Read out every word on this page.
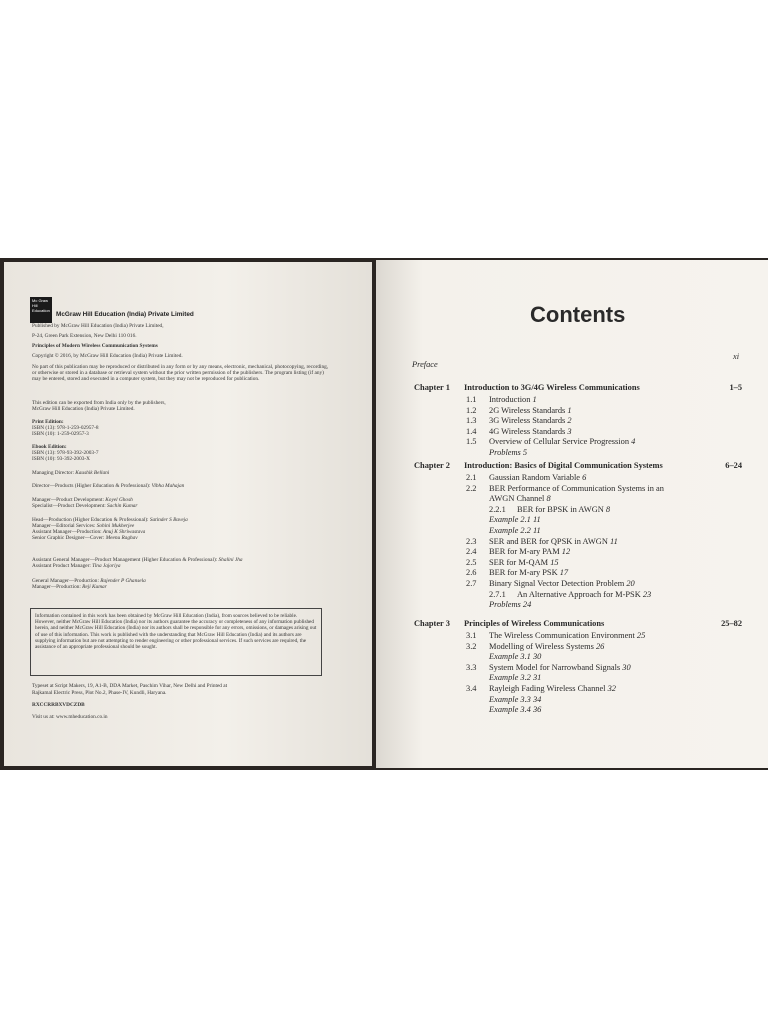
Mc Graw Hill Education
McGraw Hill Education (India) Private Limited
Published by McGraw Hill Education (India) Private Limited,
P-24, Green Park Extension, New Delhi 110 016.
Principles of Modern Wireless Communication Systems
Copyright © 2016, by McGraw Hill Education (India) Private Limited.
No part of this publication may be reproduced or distributed in any form or by any means, electronic, mechanical, photocopying, recording, or otherwise or stored in a database or retrieval system without the prior written permission of the publishers. The program listing (if any) may be entered, stored and executed in a computer system, but they may not be reproduced for publication.
This edition can be exported from India only by the publishers,
McGraw Hill Education (India) Private Limited.
Print Edition:
ISBN (13): 978-1-259-02957-8
ISBN (10): 1-259-02957-3
Ebook Edition:
ISBN (13): 978-93-392-2003-7
ISBN (10): 93-392-2003-X
Managing Director: Kaushik Bellani
Director—Products (Higher Education & Professional): Vibha Mahajan
Manager—Product Development: Koyel Ghosh
Specialist—Product Development: Sachin Kumar
Head—Production (Higher Education & Professional): Satinder S Baveja
Manager—Editorial Services: Sohini Mukherjee
Assistant Manager—Production: Anuj K Shriwastava
Senior Graphic Designer—Cover: Meenu Raghav
Assistant General Manager—Product Management (Higher Education & Professional): Shalini Jha
Assistant Product Manager: Tina Jajoriya
General Manager—Production: Rajender P Ghansela
Manager—Production: Reji Kumar
Information contained in this work has been obtained by McGraw Hill Education (India), from sources believed to be reliable. However, neither McGraw Hill Education (India) nor its authors guarantee the accuracy or completeness of any information published herein, and neither McGraw Hill Education (India) nor its authors shall be responsible for any errors, omissions, or damages arising out of use of this information. This work is published with the understanding that McGraw Hill Education (India) and its authors are supplying information but are not attempting to render engineering or other professional services. If such services are required, the assistance of an appropriate professional should be sought.
Typeset at Script Makers, 19, A1-B, DDA Market, Paschim Vihar, New Delhi and Printed at
Rajkamal Electric Press, Plot No.2, Phase-IV, Kundli, Haryana.
RXCCRRBXVDCZDB
Visit us at: www.mheducation.co.in
Contents
Preface
xi
Chapter 1 Introduction to 3G/4G Wireless Communications	1–5
1.1 Introduction 1
1.2 2G Wireless Standards 1
1.3 3G Wireless Standards 2
1.4 4G Wireless Standards 3
1.5 Overview of Cellular Service Progression 4
Problems 5
Chapter 2 Introduction: Basics of Digital Communication Systems	6–24
2.1 Gaussian Random Variable 6
2.2 BER Performance of Communication Systems in an
AWGN Channel 8
2.2.1 BER for BPSK in AWGN 8
Example 2.1 11
Example 2.2 11
2.3 SER and BER for QPSK in AWGN 11
2.4 BER for M-ary PAM 12
2.5 SER for M-QAM 15
2.6 BER for M-ary PSK 17
2.7 Binary Signal Vector Detection Problem 20
2.7.1 An Alternative Approach for M-PSK 23
Problems 24
Chapter 3 Principles of Wireless Communications	25–82
3.1 The Wireless Communication Environment 25
3.2 Modelling of Wireless Systems 26
Example 3.1 30
3.3 System Model for Narrowband Signals 30
Example 3.2 31
3.4 Rayleigh Fading Wireless Channel 32
Example 3.3 34
Example 3.4 36
